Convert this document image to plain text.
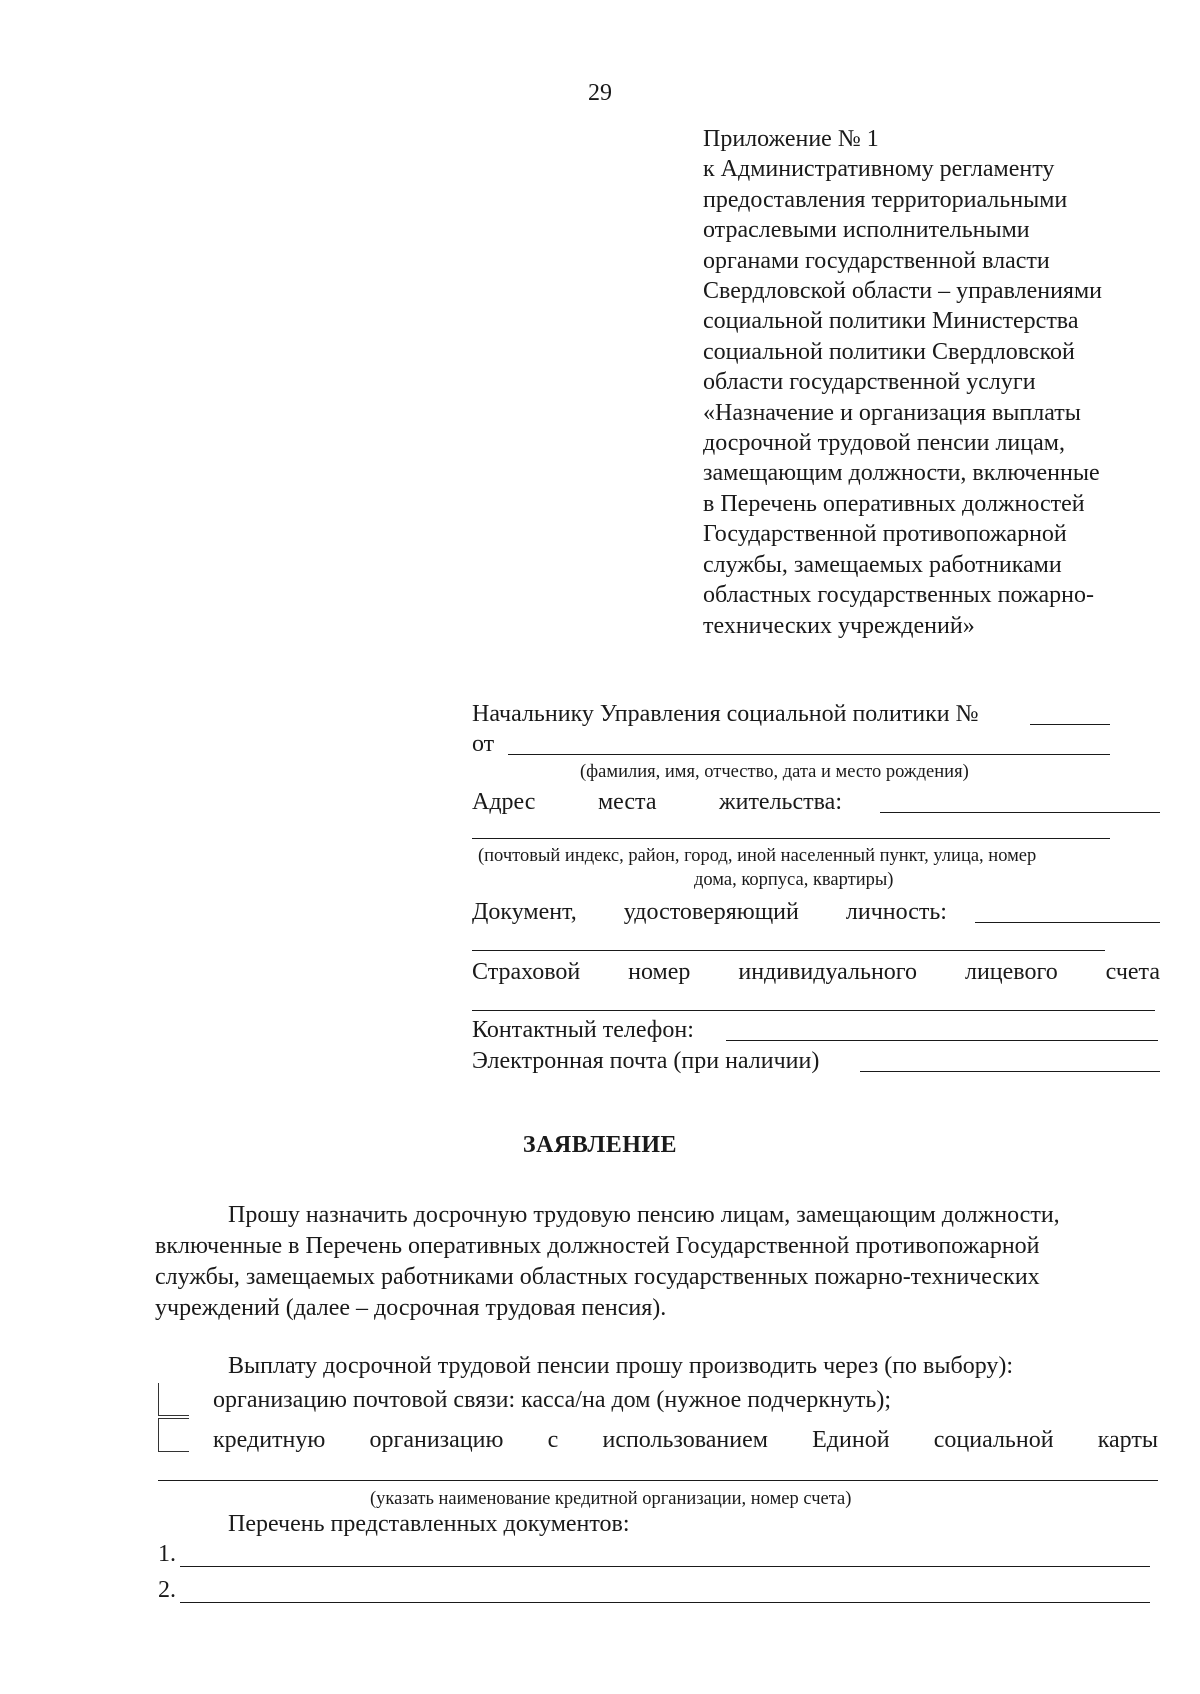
29
Приложение № 1
к Административному регламенту
предоставления территориальными
отраслевыми исполнительными
органами государственной власти
Свердловской области – управлениями
социальной политики Министерства
социальной политики Свердловской
области государственной услуги
«Назначение и организация выплаты
досрочной трудовой пенсии лицам,
замещающим должности, включенные
в Перечень оперативных должностей
Государственной противопожарной
службы, замещаемых работниками
областных государственных пожарно-
технических учреждений»
Начальнику Управления социальной политики №
от
(фамилия, имя, отчество, дата и место рождения)
Адрес	места	жительства:
(почтовый индекс, район, город, иной населенный пункт, улица, номер
дома, корпуса, квартиры)
Документ, удостоверяющий личность:
Страховой номер индивидуального лицевого счета
Контактный телефон:
Электронная почта (при наличии)
ЗАЯВЛЕНИЕ
Прошу назначить досрочную трудовую пенсию лицам, замещающим должности,
включенные в Перечень оперативных должностей Государственной противопожарной
службы, замещаемых работниками областных государственных пожарно-технических
учреждений (далее – досрочная трудовая пенсия).
Выплату досрочной трудовой пенсии прошу производить через (по выбору):
организацию почтовой связи: касса/на дом (нужное подчеркнуть);
кредитную организацию с использованием Единой социальной карты
(указать наименование кредитной организации, номер счета)
Перечень представленных документов:
1.
2.
